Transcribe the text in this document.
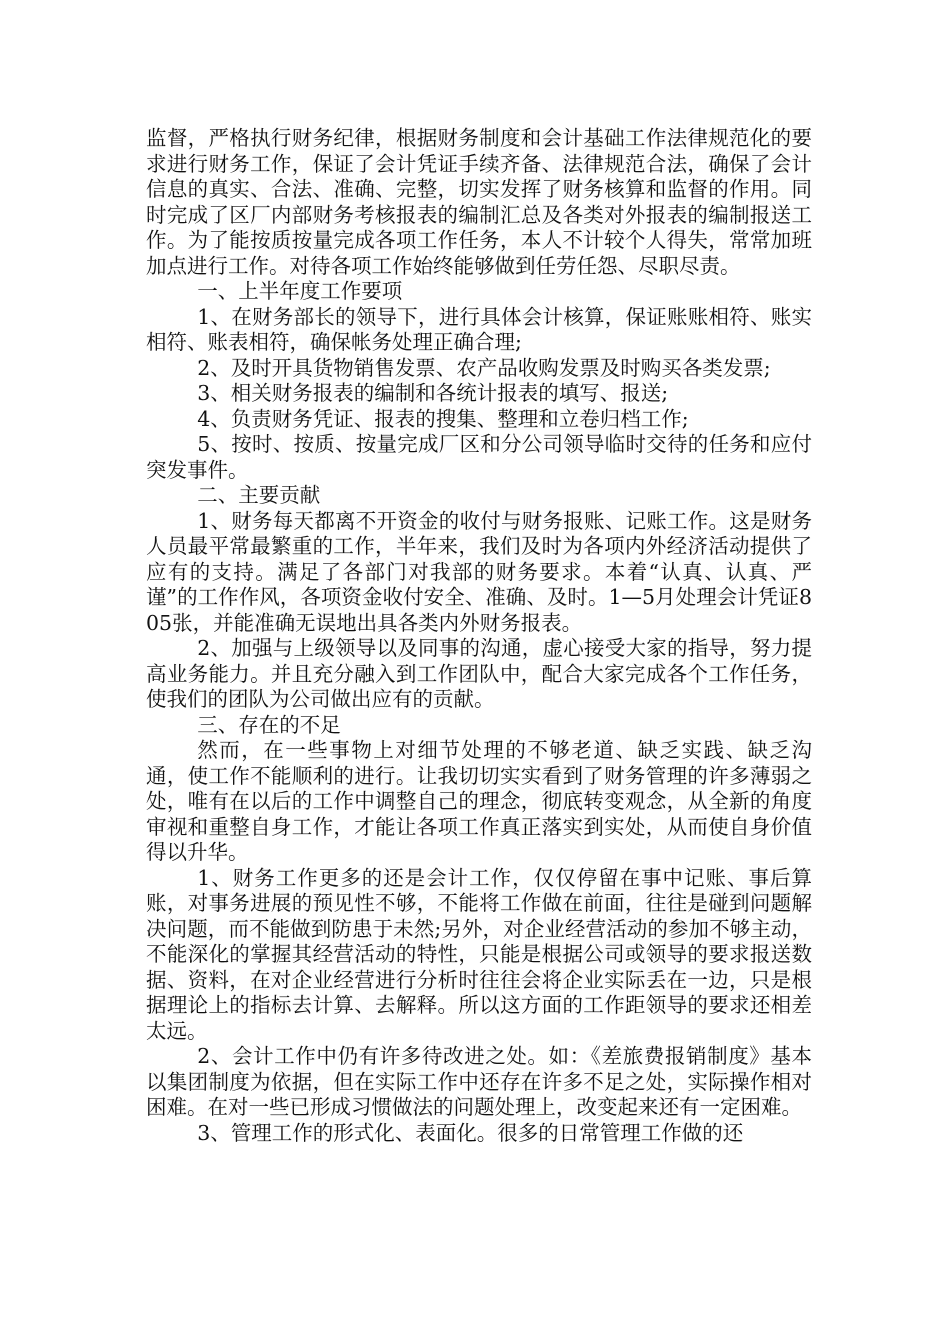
监督，严格执行财务纪律，根据财务制度和会计基础工作法律规范化的要求进行财务工作，保证了会计凭证手续齐备、法律规范合法，确保了会计信息的真实、合法、准确、完整，切实发挥了财务核算和监督的作用。同时完成了区厂内部财务考核报表的编制汇总及各类对外报表的编制报送工作。为了能按质按量完成各项工作任务，本人不计较个人得失，常常加班加点进行工作。对待各项工作始终能够做到任劳任怨、尽职尽责。

一、上半年度工作要项

1、在财务部长的领导下，进行具体会计核算，保证账账相符、账实相符、账表相符，确保帐务处理正确合理;

2、及时开具货物销售发票、农产品收购发票及时购买各类发票;

3、相关财务报表的编制和各统计报表的填写、报送;

4、负责财务凭证、报表的搜集、整理和立卷归档工作;

5、按时、按质、按量完成厂区和分公司领导临时交待的任务和应付突发事件。

二、主要贡献

1、财务每天都离不开资金的收付与财务报账、记账工作。这是财务人员最平常最繁重的工作，半年来，我们及时为各项内外经济活动提供了应有的支持。满足了各部门对我部的财务要求。本着“认真、认真、严谨”的工作作风，各项资金收付安全、准确、及时。1—5月处理会计凭证805张，并能准确无误地出具各类内外财务报表。

2、加强与上级领导以及同事的沟通，虚心接受大家的指导，努力提高业务能力。并且充分融入到工作团队中，配合大家完成各个工作任务，使我们的团队为公司做出应有的贡献。

三、存在的不足

然而，在一些事物上对细节处理的不够老道、缺乏实践、缺乏沟通，使工作不能顺利的进行。让我切切实实看到了财务管理的许多薄弱之处，唯有在以后的工作中调整自己的理念，彻底转变观念，从全新的角度审视和重整自身工作，才能让各项工作真正落实到实处，从而使自身价值得以升华。

1、财务工作更多的还是会计工作，仅仅停留在事中记账、事后算账，对事务进展的预见性不够，不能将工作做在前面，往往是碰到问题解决问题，而不能做到防患于未然;另外，对企业经营活动的参加不够主动，不能深化的掌握其经营活动的特性，只能是根据公司或领导的要求报送数据、资料，在对企业经营进行分析时往往会将企业实际丢在一边，只是根据理论上的指标去计算、去解释。所以这方面的工作距领导的要求还相差太远。

2、会计工作中仍有许多待改进之处。如：《差旅费报销制度》基本以集团制度为依据，但在实际工作中还存在许多不足之处，实际操作相对困难。在对一些已形成习惯做法的问题处理上，改变起来还有一定困难。

3、管理工作的形式化、表面化。很多的日常管理工作做的还
